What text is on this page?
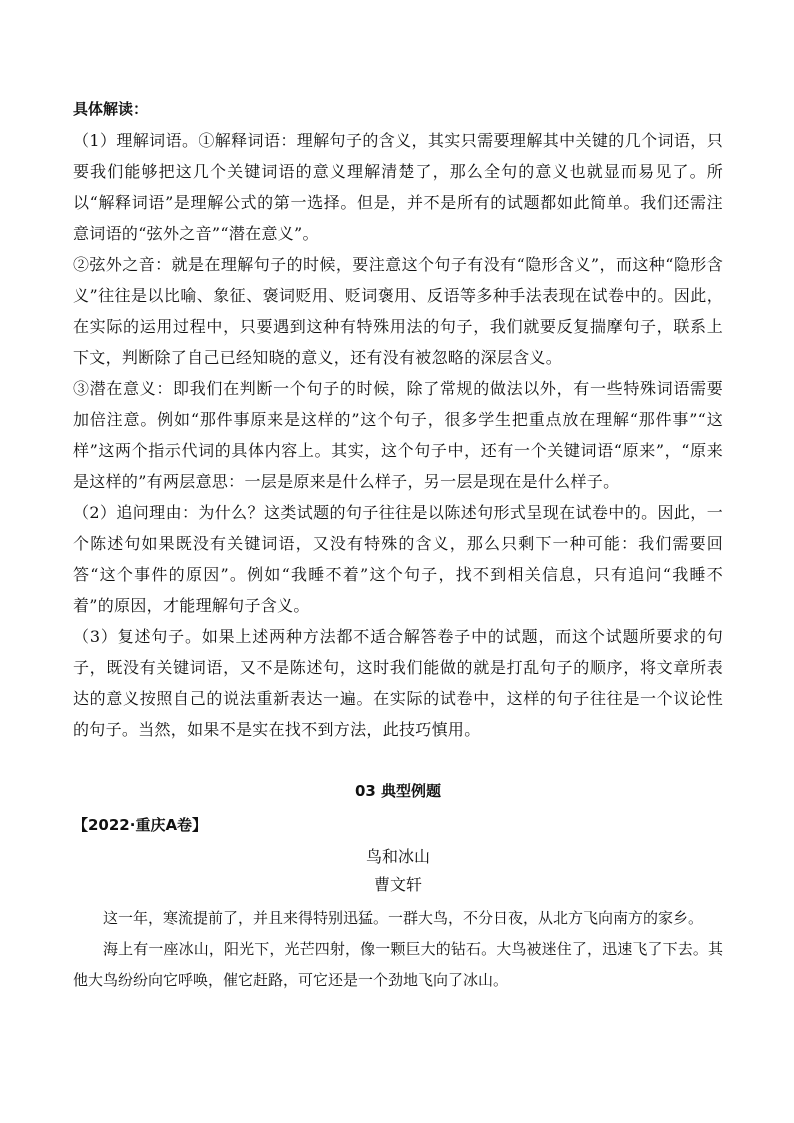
具体解读：

（1）理解词语。①解释词语：理解句子的含义，其实只需要理解其中关键的几个词语，只要我们能够把这几个关键词语的意义理解清楚了，那么全句的意义也就显而易见了。所以“解释词语”是理解公式的第一选择。但是，并不是所有的试题都如此简单。我们还需注意词语的“弦外之音”“潜在意义”。

②弦外之音：就是在理解句子的时候，要注意这个句子有没有“隐形含义”，而这种“隐形含义”往往是以比喻、象征、褒词贬用、贬词褒用、反语等多种手法表现在试卷中的。因此，在实际的运用过程中，只要遇到这种有特殊用法的句子，我们就要反复揣摩句子，联系上下文，判断除了自己已经知晓的意义，还有没有被忽略的深层含义。

③潜在意义：即我们在判断一个句子的时候，除了常规的做法以外，有一些特殊词语需要加倍注意。例如“那件事原来是这样的”这个句子，很多学生把重点放在理解“那件事”“这样”这两个指示代词的具体内容上。其实，这个句子中，还有一个关键词语“原来”，“原来是这样的”有两层意思：一层是原来是什么样子，另一层是现在是什么样子。

（2）追问理由：为什么？这类试题的句子往往是以陈述句形式呈现在试卷中的。因此，一个陈述句如果既没有关键词语，又没有特殊的含义，那么只剩下一种可能：我们需要回答“这个事件的原因”。例如“我睡不着”这个句子，找不到相关信息，只有追问“我睡不着”的原因，才能理解句子含义。

（3）复述句子。如果上述两种方法都不适合解答卷子中的试题，而这个试题所要求的句子，既没有关键词语，又不是陈述句，这时我们能做的就是打乱句子的顺序，将文章所表达的意义按照自己的说法重新表达一遍。在实际的试卷中，这样的句子往往是一个议论性的句子。当然，如果不是实在找不到方法，此技巧慎用。

03 典型例题

【2022·重庆A卷】

鸟和冰山

曹文轩

这一年，寒流提前了，并且来得特别迅猛。一群大鸟，不分日夜，从北方飞向南方的家乡。

海上有一座冰山，阳光下，光芒四射，像一颗巨大的钻石。大鸟被迷住了，迅速飞了下去。其他大鸟纷纷向它呼唤，催它赶路，可它还是一个劲地飞向了冰山。
